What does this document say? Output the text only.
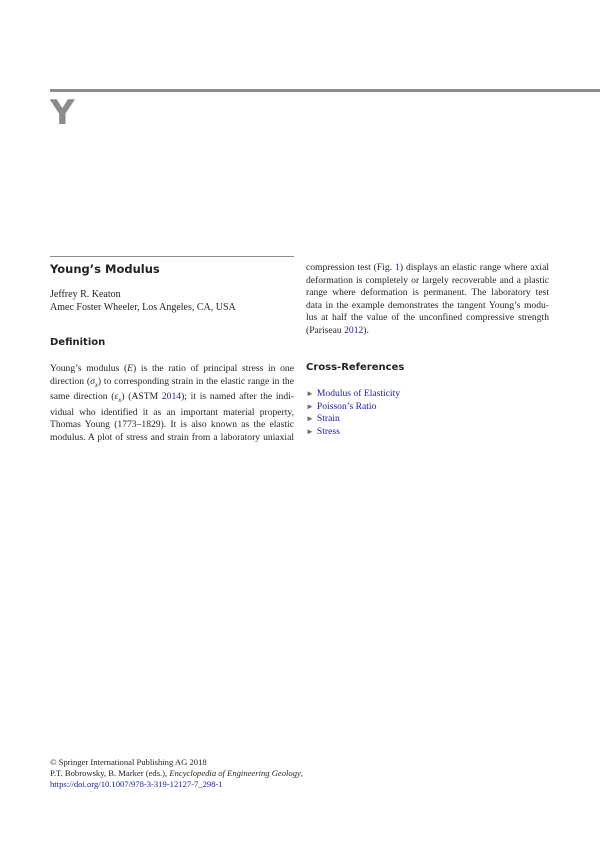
Y
Young’s Modulus
Jeffrey R. Keaton
Amec Foster Wheeler, Los Angeles, CA, USA
Definition
Young’s modulus (E) is the ratio of principal stress in one
direction $(\sigma_x)$ to corresponding strain in the elastic range in the
same direction $(\varepsilon_x)$ (ASTM 2014); it is named after the indi-
vidual who identified it as an important material property,
Thomas Young (1773–1829). It is also known as the elastic
modulus. A plot of stress and strain from a laboratory uniaxial
compression test (Fig. 1) displays an elastic range where axial
deformation is completely or largely recoverable and a plastic
range where deformation is permanent. The laboratory test
data in the example demonstrates the tangent Young’s modu-
lus at half the value of the unconfined compressive strength
(Pariseau 2012).
Cross-References
► Modulus of Elasticity
► Poisson’s Ratio
► Strain
► Stress
© Springer International Publishing AG 2018
P.T. Bobrowsky, B. Marker (eds.), Encyclopedia of Engineering Geology,
https://doi.org/10.1007/978-3-319-12127-7_298-1
